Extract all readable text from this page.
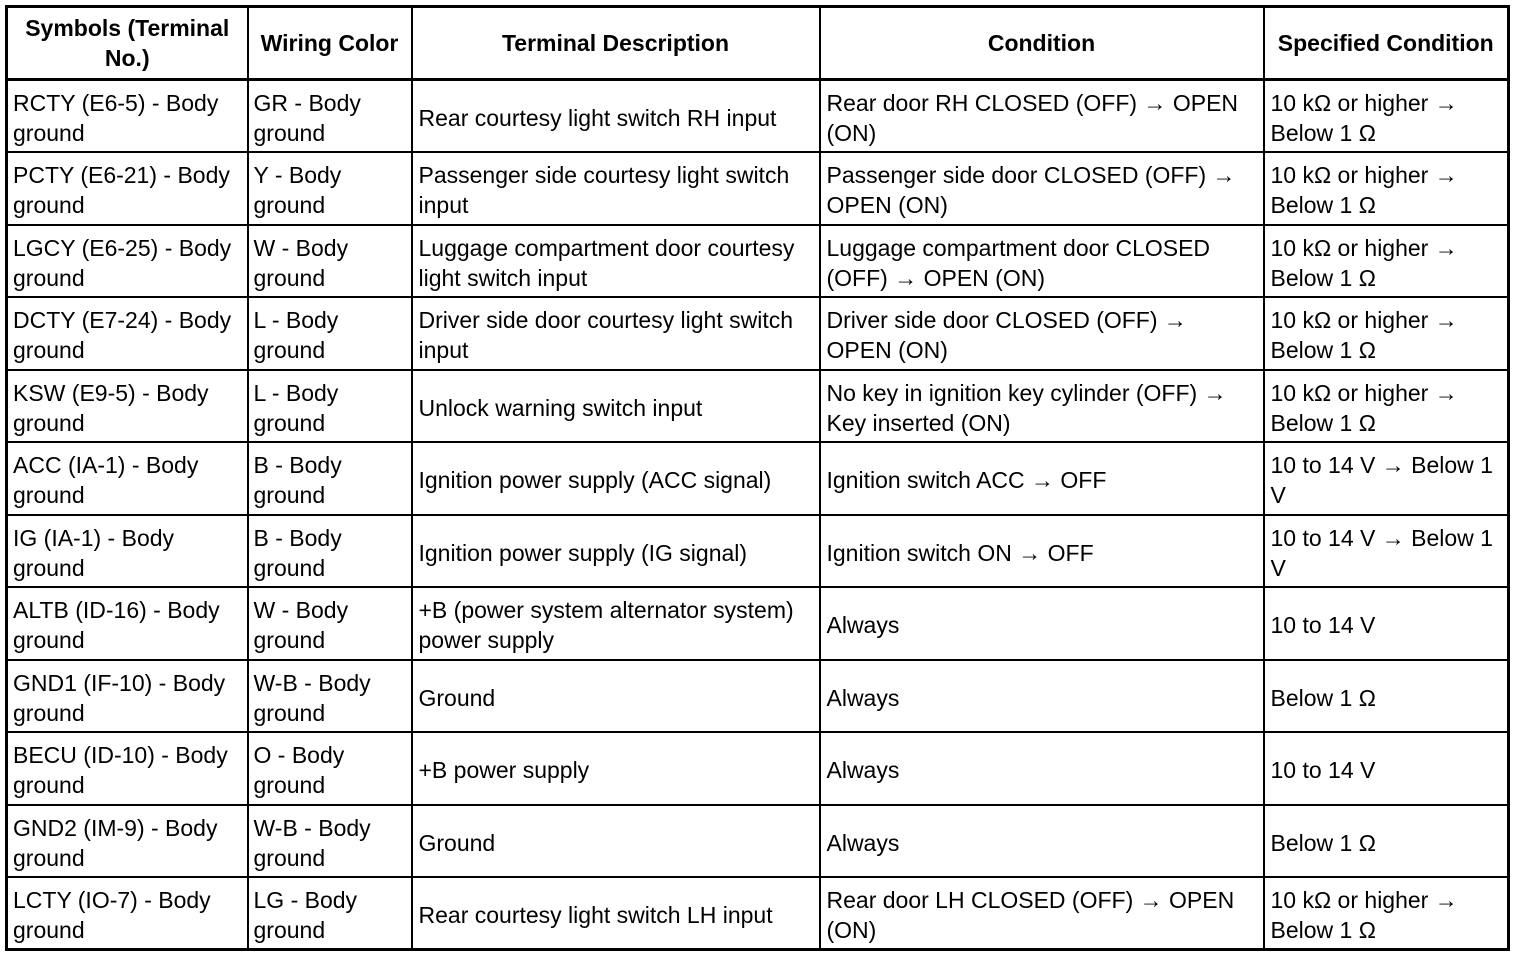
Symbols (Terminal No.)	Wiring Color	Terminal Description	Condition	Specified Condition
RCTY (E6-5) - Body ground	GR - Body ground	Rear courtesy light switch RH input	Rear door RH CLOSED (OFF) → OPEN (ON)	10 kΩ or higher → Below 1 Ω
PCTY (E6-21) - Body ground	Y - Body ground	Passenger side courtesy light switch input	Passenger side door CLOSED (OFF) → OPEN (ON)	10 kΩ or higher → Below 1 Ω
LGCY (E6-25) - Body ground	W - Body ground	Luggage compartment door courtesy light switch input	Luggage compartment door CLOSED (OFF) → OPEN (ON)	10 kΩ or higher → Below 1 Ω
DCTY (E7-24) - Body ground	L - Body ground	Driver side door courtesy light switch input	Driver side door CLOSED (OFF) → OPEN (ON)	10 kΩ or higher → Below 1 Ω
KSW (E9-5) - Body ground	L - Body ground	Unlock warning switch input	No key in ignition key cylinder (OFF) → Key inserted (ON)	10 kΩ or higher → Below 1 Ω
ACC (IA-1) - Body ground	B - Body ground	Ignition power supply (ACC signal)	Ignition switch ACC → OFF	10 to 14 V → Below 1 V
IG (IA-1) - Body ground	B - Body ground	Ignition power supply (IG signal)	Ignition switch ON → OFF	10 to 14 V → Below 1 V
ALTB (ID-16) - Body ground	W - Body ground	+B (power system alternator system) power supply	Always	10 to 14 V
GND1 (IF-10) - Body ground	W-B - Body ground	Ground	Always	Below 1 Ω
BECU (ID-10) - Body ground	O - Body ground	+B power supply	Always	10 to 14 V
GND2 (IM-9) - Body ground	W-B - Body ground	Ground	Always	Below 1 Ω
LCTY (IO-7) - Body ground	LG - Body ground	Rear courtesy light switch LH input	Rear door LH CLOSED (OFF) → OPEN (ON)	10 kΩ or higher → Below 1 Ω
